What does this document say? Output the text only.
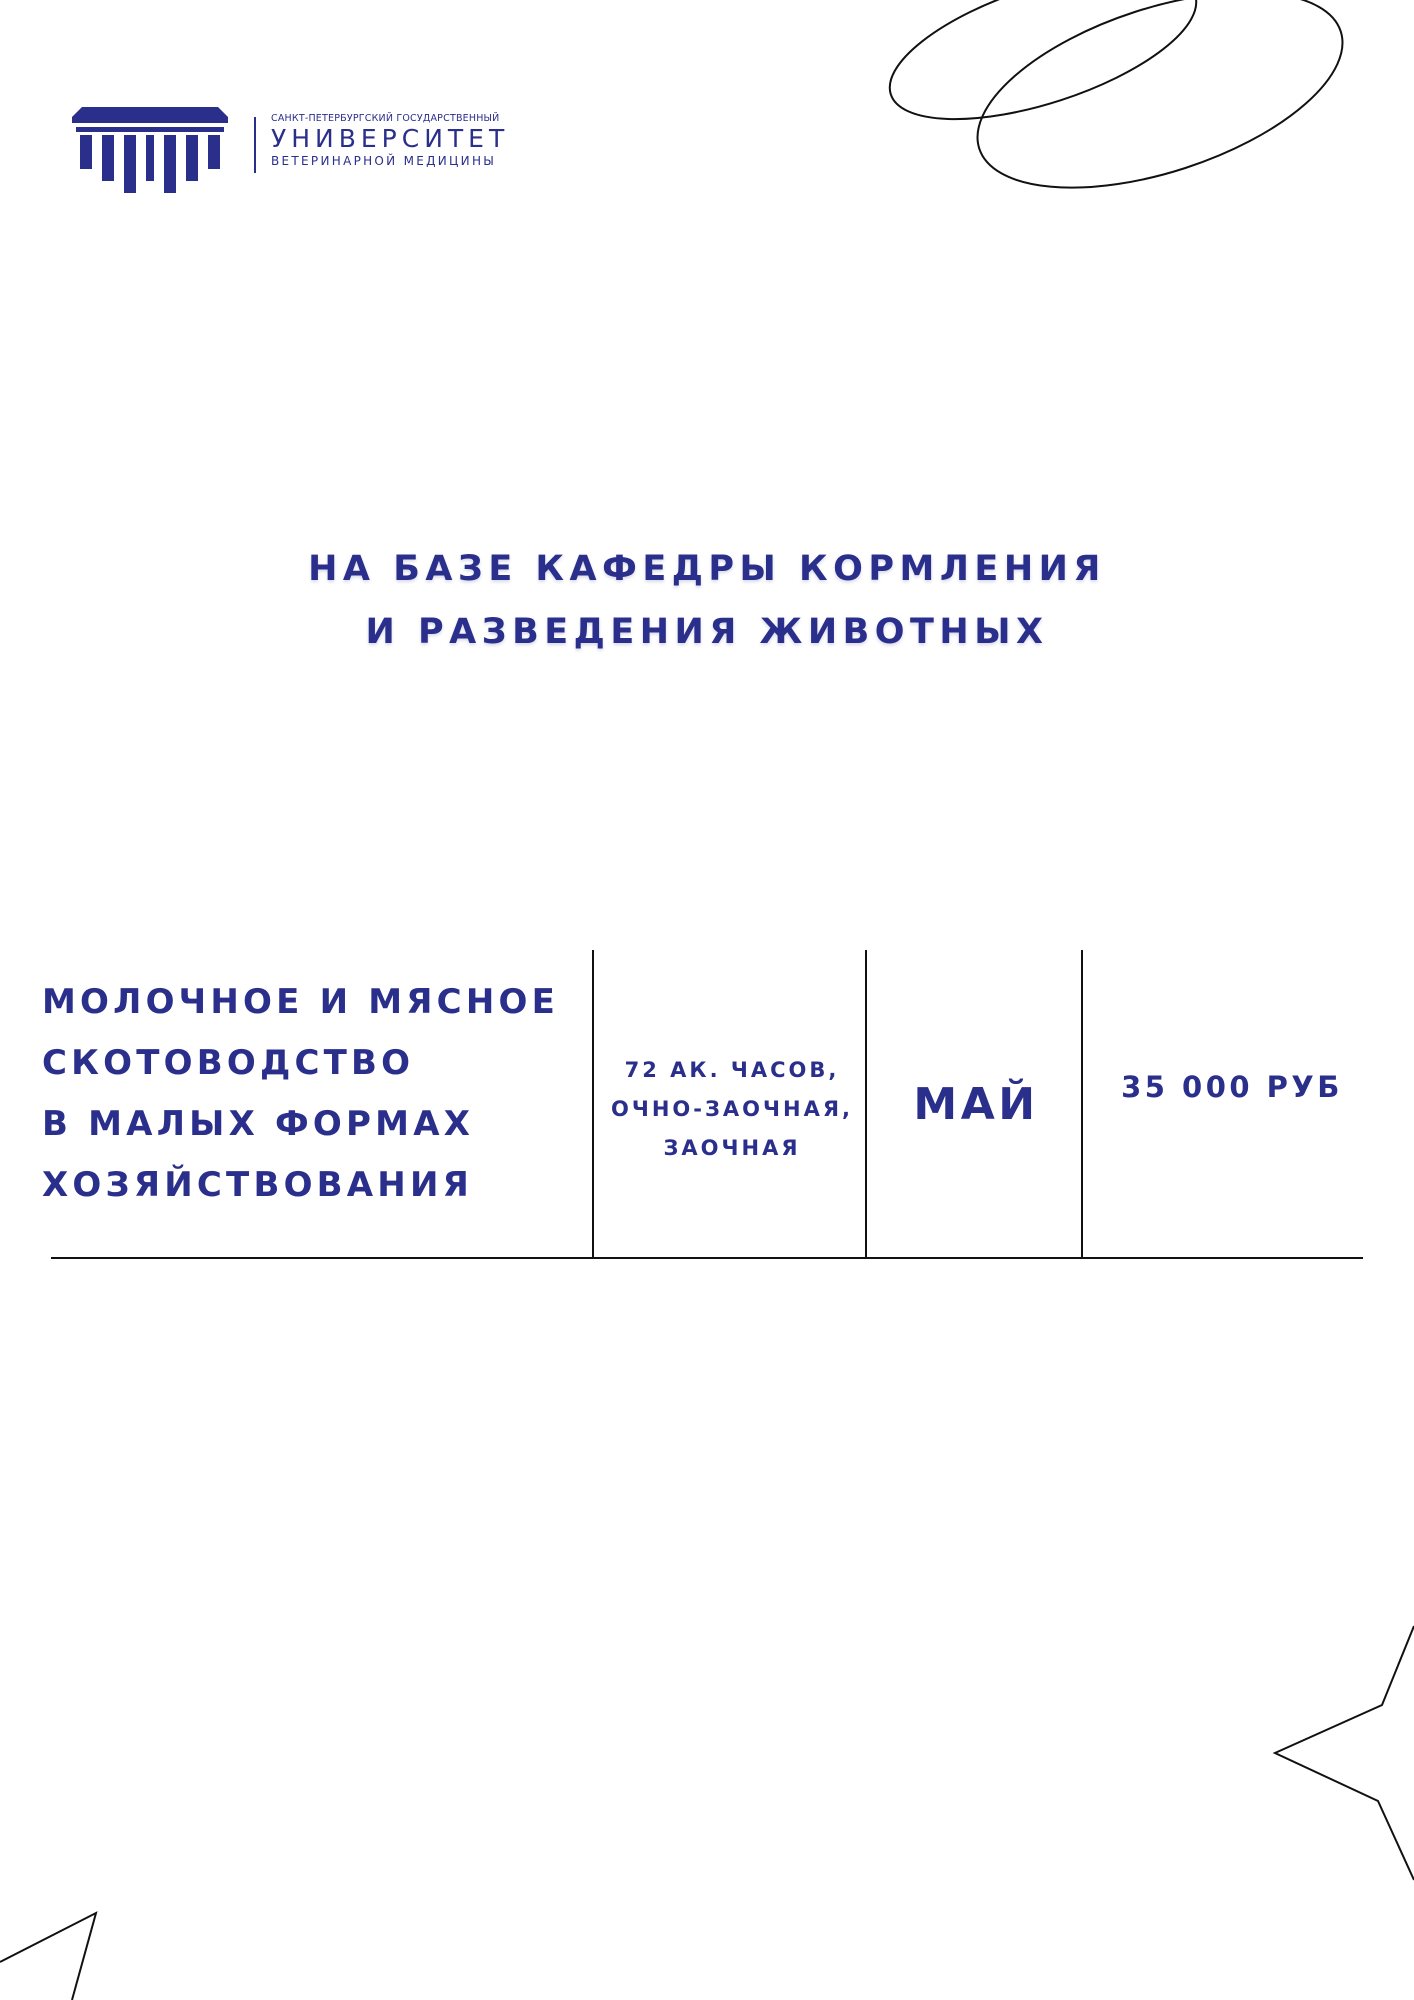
САНКТ-ПЕТЕРБУРГСКИЙ ГОСУДАРСТВЕННЫЙ
УНИВЕРСИТЕТ
ВЕТЕРИНАРНОЙ МЕДИЦИНЫ
НА БАЗЕ КАФЕДРЫ КОРМЛЕНИЯ
И РАЗВЕДЕНИЯ ЖИВОТНЫХ
МОЛОЧНОЕ И МЯСНОЕ
СКОТОВОДСТВО
В МАЛЫХ ФОРМАХ
ХОЗЯЙСТВОВАНИЯ
72 АК. ЧАСОВ,
ОЧНО-ЗАОЧНАЯ,
ЗАОЧНАЯ
МАЙ	35 000 РУБ
